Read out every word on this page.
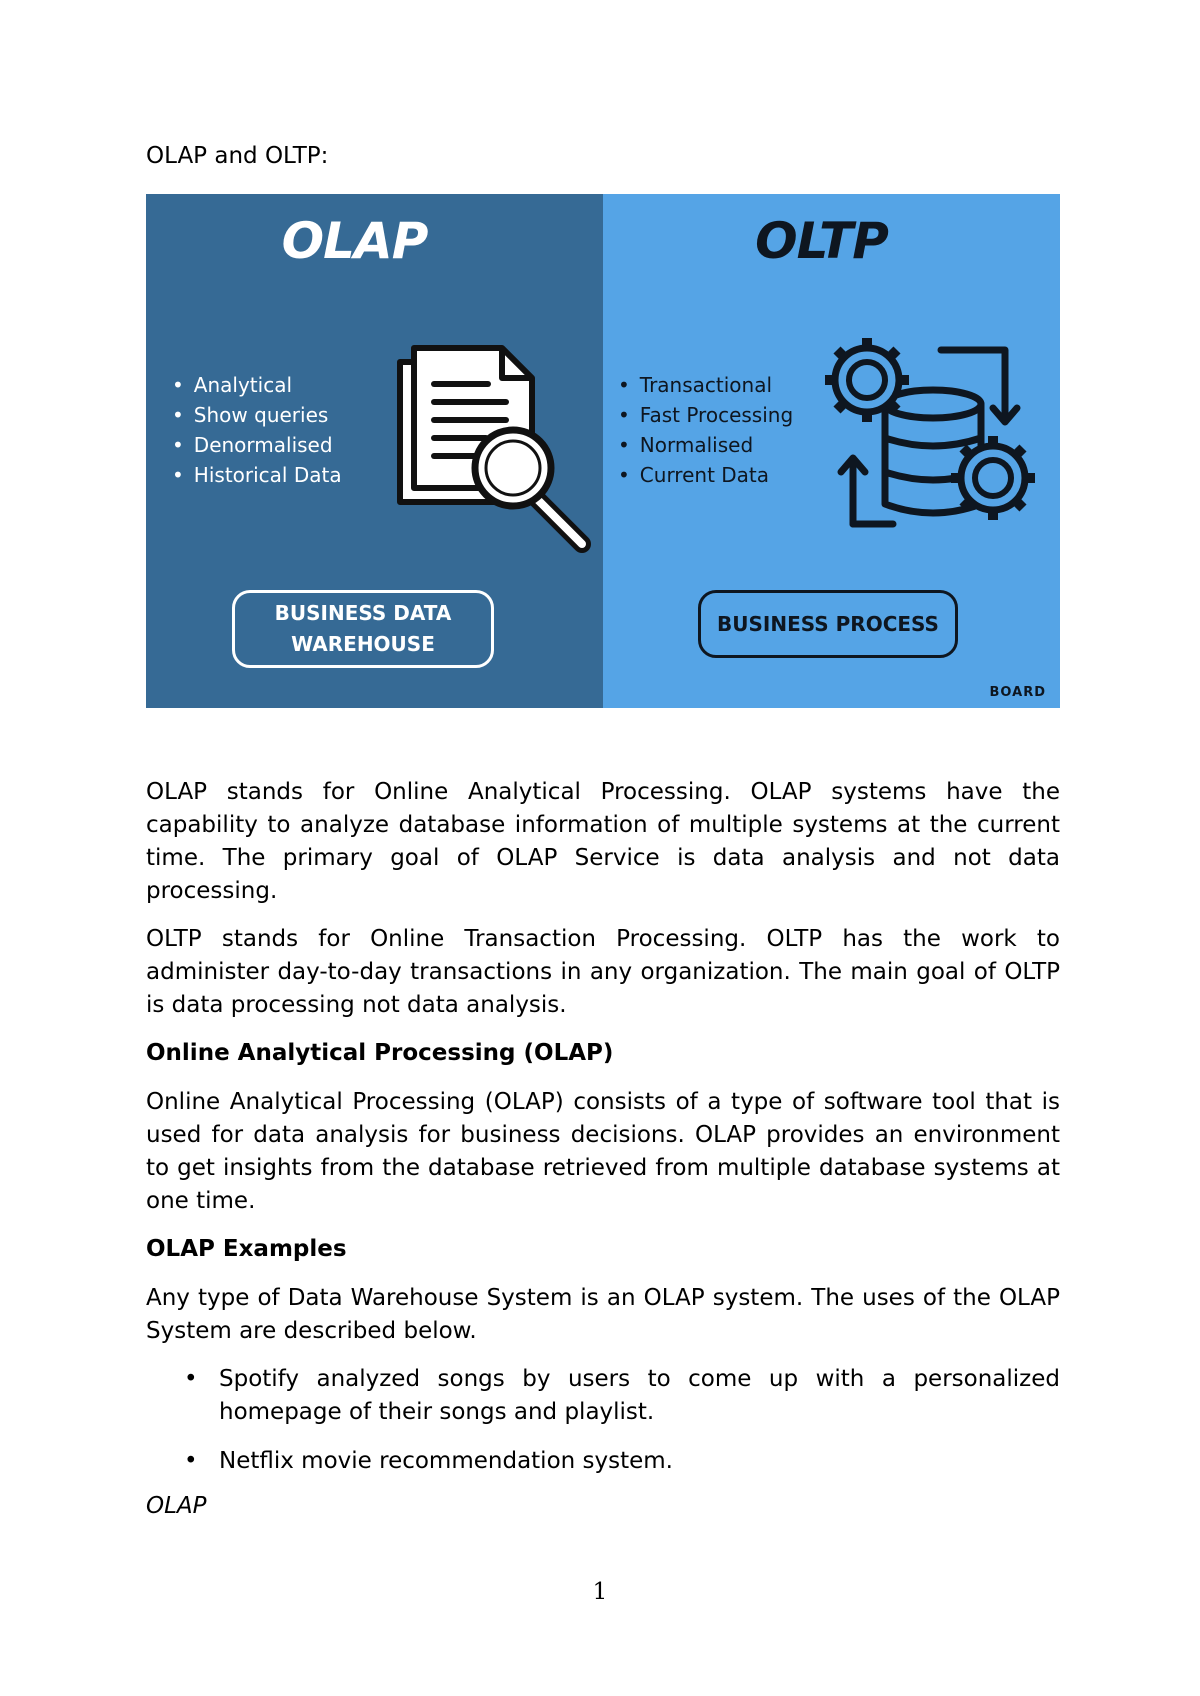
OLAP and OLTP:

OLAP

• Analytical
• Show queries
• Denormalised
• Historical Data
BUSINESS DATA
WAREHOUSE

OLTP

• Transactional
• Fast Processing
• Normalised
• Current Data
BUSINESS PROCESS
BOARD

OLAP stands for Online Analytical Processing. OLAP systems have the capability to analyze database information of multiple systems at the current time. The primary goal of OLAP Service is data analysis and not data processing.

OLTP stands for Online Transaction Processing. OLTP has the work to administer day-to-day transactions in any organization. The main goal of OLTP is data processing not data analysis.

Online Analytical Processing (OLAP)

Online Analytical Processing (OLAP) consists of a type of software tool that is used for data analysis for business decisions. OLAP provides an environment to get insights from the database retrieved from multiple database systems at one time.

OLAP Examples

Any type of Data Warehouse System is an OLAP system. The uses of the OLAP System are described below.

• Spotify analyzed songs by users to come up with a personalized homepage of their songs and playlist.
• Netflix movie recommendation system.

OLAP

1
